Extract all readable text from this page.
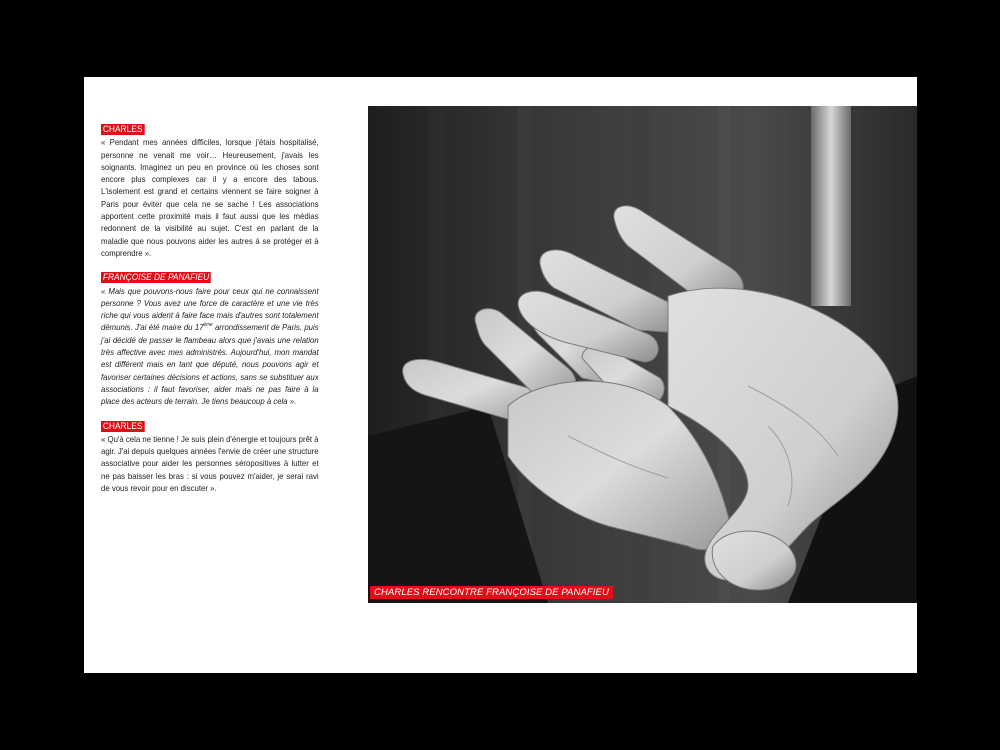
CHARLES

« Pendant mes années difficiles, lorsque j'étais hospitalisé, personne ne venait me voir… Heureusement, j'avais les soignants. Imaginez un peu en province où les choses sont encore plus complexes car il y a encore des tabous. L'isolement est grand et certains viennent se faire soigner à Paris pour éviter que cela ne se sache ! Les associations apportent cette proximité mais il faut aussi que les médias redonnent de la visibilité au sujet. C'est en parlant de la maladie que nous pouvons aider les autres à se protéger et à comprendre ».

FRANÇOISE DE PANAFIEU

« Mais que pouvons-nous faire pour ceux qui ne connaissent personne ? Vous avez une force de caractère et une vie très riche qui vous aident à faire face mais d'autres sont totalement démunis. J'ai été maire du 17ème arrondissement de Paris, puis j'ai décidé de passer le flambeau alors que j'avais une relation très affective avec mes administrés. Aujourd'hui, mon mandat est différent mais en tant que député, nous pouvons agir et favoriser certaines décisions et actions, sans se substituer aux associations : il faut favoriser, aider mais ne pas faire à la place des acteurs de terrain. Je tiens beaucoup à cela ».

CHARLES

« Qu'à cela ne tienne ! Je suis plein d'énergie et toujours prêt à agir. J'ai depuis quelques années l'envie de créer une structure associative pour aider les personnes séropositives à lutter et ne pas baisser les bras : si vous pouvez m'aider, je serai ravi de vous revoir pour en discuter ».

CHARLES RENCONTRE FRANÇOISE DE PANAFIEU
